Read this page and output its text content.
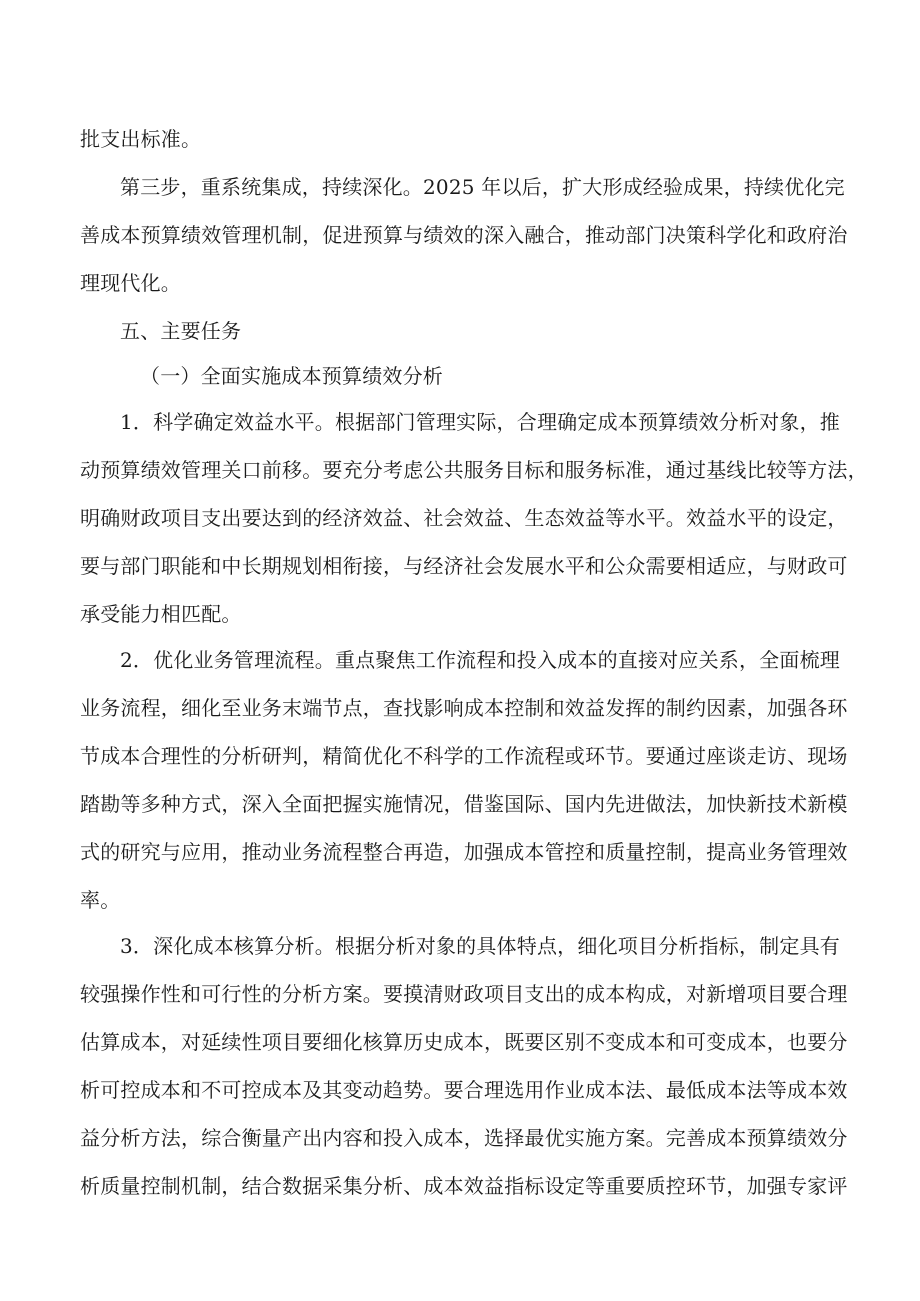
批支出标准。
第三步，重系统集成，持续深化。2025 年以后，扩大形成经验成果，持续优化完
善成本预算绩效管理机制，促进预算与绩效的深入融合，推动部门决策科学化和政府治
理现代化。
五、主要任务
（一）全面实施成本预算绩效分析
1．科学确定效益水平。根据部门管理实际，合理确定成本预算绩效分析对象，推
动预算绩效管理关口前移。要充分考虑公共服务目标和服务标准，通过基线比较等方法，
明确财政项目支出要达到的经济效益、社会效益、生态效益等水平。效益水平的设定，
要与部门职能和中长期规划相衔接，与经济社会发展水平和公众需要相适应，与财政可
承受能力相匹配。
2．优化业务管理流程。重点聚焦工作流程和投入成本的直接对应关系，全面梳理
业务流程，细化至业务末端节点，查找影响成本控制和效益发挥的制约因素，加强各环
节成本合理性的分析研判，精简优化不科学的工作流程或环节。要通过座谈走访、现场
踏勘等多种方式，深入全面把握实施情况，借鉴国际、国内先进做法，加快新技术新模
式的研究与应用，推动业务流程整合再造，加强成本管控和质量控制，提高业务管理效
率。
3．深化成本核算分析。根据分析对象的具体特点，细化项目分析指标，制定具有
较强操作性和可行性的分析方案。要摸清财政项目支出的成本构成，对新增项目要合理
估算成本，对延续性项目要细化核算历史成本，既要区别不变成本和可变成本，也要分
析可控成本和不可控成本及其变动趋势。要合理选用作业成本法、最低成本法等成本效
益分析方法，综合衡量产出内容和投入成本，选择最优实施方案。完善成本预算绩效分
析质量控制机制，结合数据采集分析、成本效益指标设定等重要质控环节，加强专家评
